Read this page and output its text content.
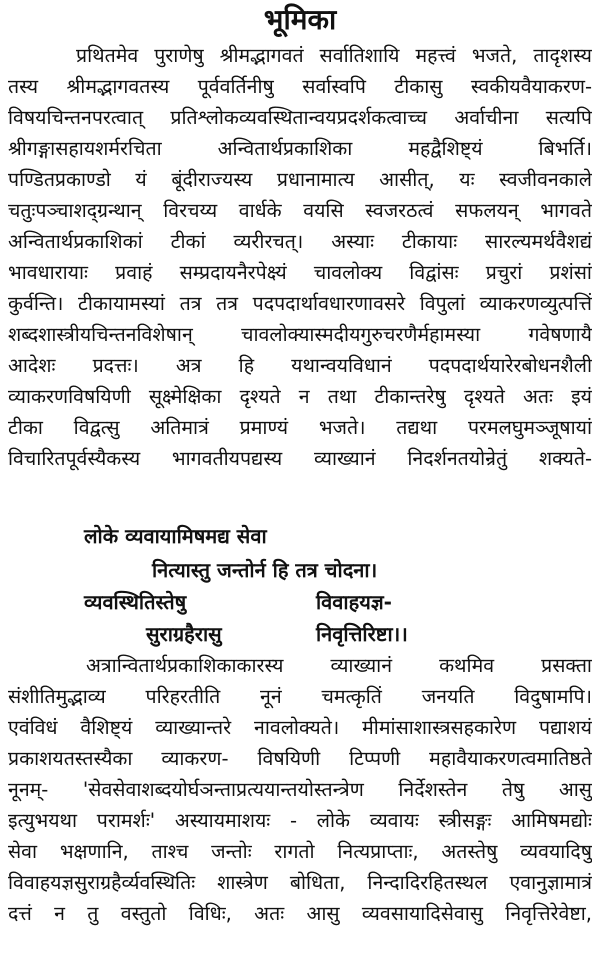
भूमिका
प्रथितमेव पुराणेषु श्रीमद्भागवतं सर्वातिशायि महत्त्वं भजते, तादृशस्य
तस्य श्रीमद्भागवतस्य पूर्ववर्तिनीषु सर्वास्वपि टीकासु स्वकीयवैयाकरण-
विषयचिन्तनपरत्वात् प्रतिश्लोकव्यवस्थितान्वयप्रदर्शकत्वाच्च अर्वाचीना सत्यपि
श्रीगङ्गासहायशर्मरचिता अन्वितार्थप्रकाशिका महद्वैशिष्ट्यं बिभर्ति।
पण्डितप्रकाण्डो यं बूंदीराज्यस्य प्रधानामात्य आसीत्, यः स्वजीवनकाले
चतुःपञ्चाशद्ग्रन्थान् विरचय्य वार्धके वयसि स्वजरठत्वं सफलयन् भागवते
अन्वितार्थप्रकाशिकां टीकां व्यरीरचत्। अस्याः टीकायाः सारल्यमर्थवैशद्यं
भावधारायाः प्रवाहं सम्प्रदायनैरपेक्ष्यं चावलोक्य विद्वांसः प्रचुरां प्रशंसां
कुर्वन्ति। टीकायामस्यां तत्र तत्र पदपदार्थावधारणावसरे विपुलां व्याकरणव्युत्पत्तिं
शब्दशास्त्रीयचिन्तनविशेषान् चावलोक्यास्मदीयगुरुचरणैर्महामस्या गवेषणायै
आदेशः प्रदत्तः। अत्र हि यथान्वयविधानं पदपदार्थयारेरबोधनशैली
व्याकरणविषयिणी सूक्ष्मेक्षिका दृश्यते न तथा टीकान्तरेषु दृश्यते अतः इयं
टीका विद्वत्सु अतिमात्रं प्रमाण्यं भजते। तद्यथा परमलघुमञ्जूषायां
विचारितपूर्वस्यैकस्य भागवतीयपद्यस्य व्याख्यानं निदर्शनतयोन्रेतुं शक्यते-
लोके व्यवायामिषमद्य सेवा
नित्यास्तु जन्तोर्न हि तत्र चोदना।
व्यवस्थितिस्तेषु	विवाहयज्ञ-
सुराग्रहैरासु	निवृत्तिरिष्टा।।
अत्रान्वितार्थप्रकाशिकाकारस्य व्याख्यानं कथमिव प्रसक्ता
संशीतिमुद्भाव्य परिहरतीति नूनं चमत्कृतिं जनयति विदुषामपि।
एवंविधं वैशिष्ट्यं व्याख्यान्तरे नावलोक्यते। मीमांसाशास्त्रसहकारेण पद्याशयं
प्रकाशयतस्तस्यैका व्याकरण- विषयिणी टिप्पणी महावैयाकरणत्वमातिष्ठते
नूनम्- 'सेवसेवाशब्दयोर्घञन्ताप्रत्ययान्तयोस्तन्त्रेण निर्देशस्तेन तेषु आसु
इत्युभयथा परामर्शः' अस्यायमाशयः - लोके व्यवायः स्त्रीसङ्गः आमिषमद्योः
सेवा भक्षणानि, ताश्च जन्तोः रागतो नित्यप्राप्ताः, अतस्तेषु व्यवयादिषु
विवाहयज्ञसुराग्रहैर्व्यवस्थितिः शास्त्रेण बोधिता, निन्दादिरहितस्थल एवानुज्ञामात्रं
दत्तं न तु वस्तुतो विधिः, अतः आसु व्यवसायादिसेवासु निवृत्तिरेवेष्टा,
